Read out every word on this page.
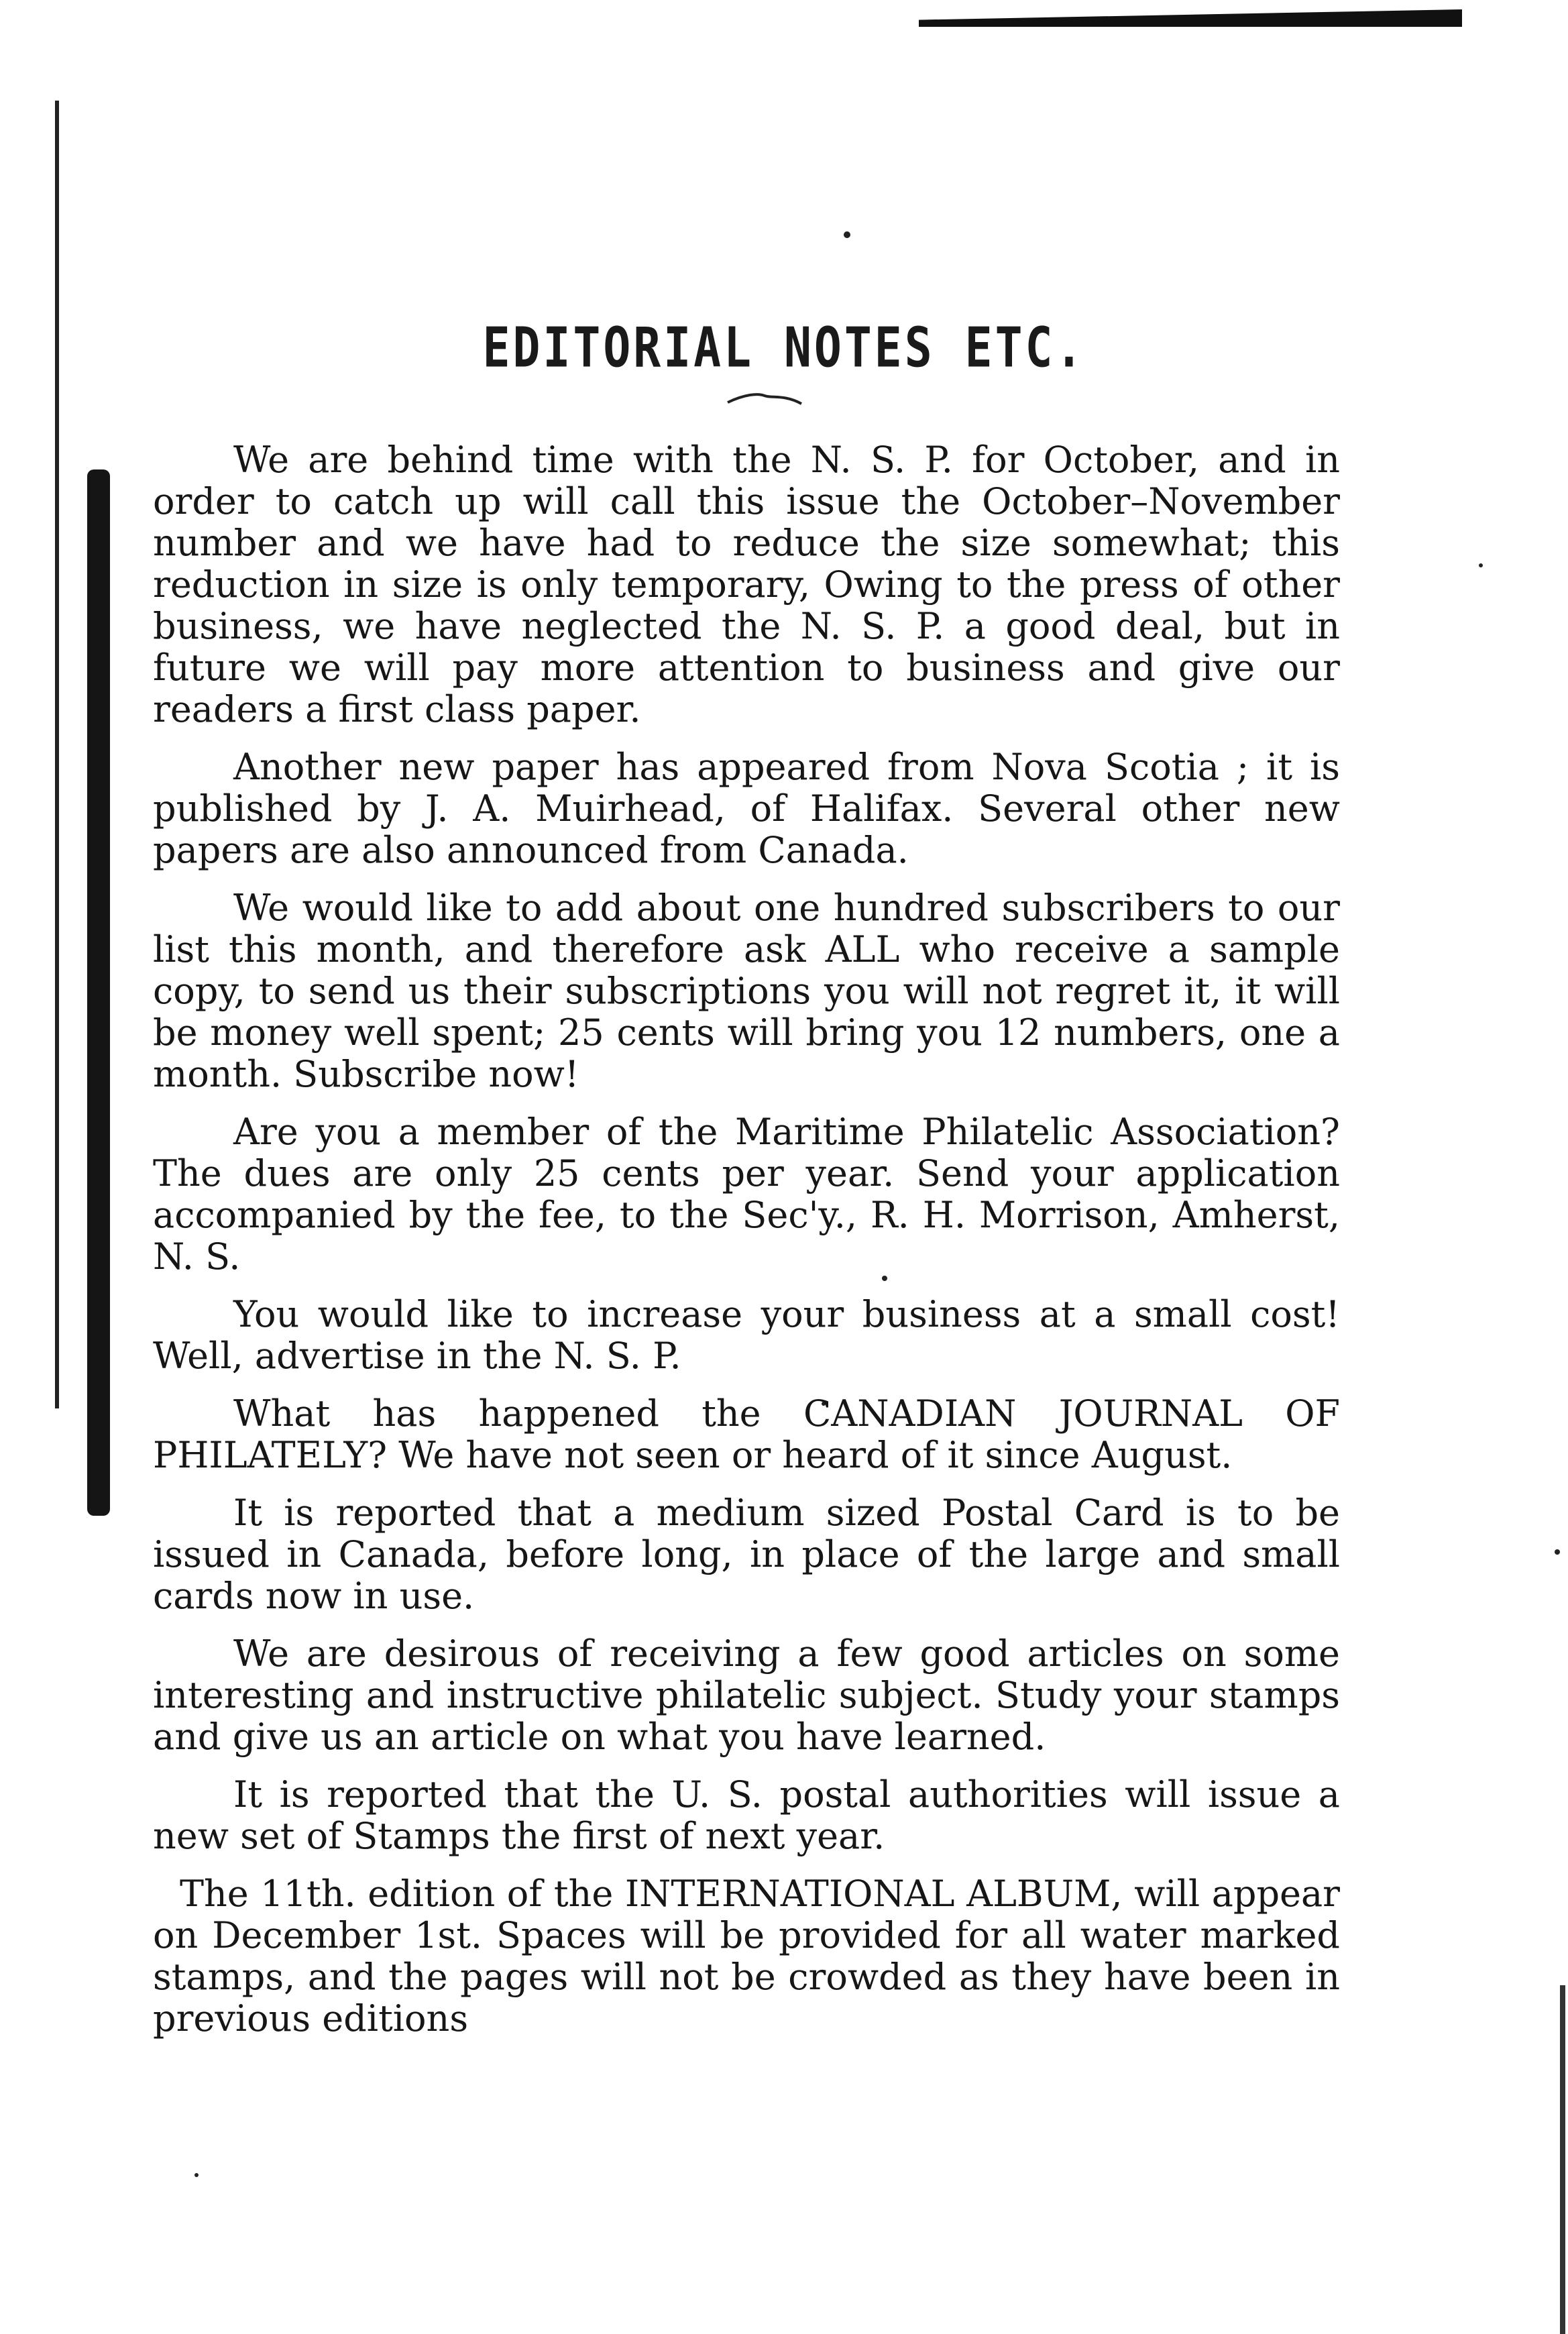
EDITORIAL NOTES ETC.

We are behind time with the N. S. P. for October, and in order to catch up will call this issue the October–November number and we have had to reduce the size somewhat; this reduction in size is only temporary, Owing to the press of other business, we have neglected the N. S. P. a good deal, but in future we will pay more attention to business and give our readers a first class paper.

Another new paper has appeared from Nova Scotia ; it is published by J. A. Muirhead, of Halifax. Several other new papers are also announced from Canada.

We would like to add about one hundred subscribers to our list this month, and therefore ask ALL who receive a sample copy, to send us their subscriptions you will not regret it, it will be money well spent; 25 cents will bring you 12 numbers, one a month. Subscribe now!

Are you a member of the Maritime Philatelic Association? The dues are only 25 cents per year. Send your application accompanied by the fee, to the Sec'y., R. H. Morrison, Amherst, N. S.

You would like to increase your business at a small cost! Well, advertise in the N. S. P.

What has happened the CANADIAN JOURNAL OF PHILATELY? We have not seen or heard of it since August.

It is reported that a medium sized Postal Card is to be issued in Canada, before long, in place of the large and small cards now in use.

We are desirous of receiving a few good articles on some interesting and instructive philatelic subject. Study your stamps and give us an article on what you have learned.

It is reported that the U. S. postal authorities will issue a new set of Stamps the first of next year.

The 11th. edition of the INTERNATIONAL ALBUM, will appear on December 1st. Spaces will be provided for all water marked stamps, and the pages will not be crowded as they have been in previous editions
